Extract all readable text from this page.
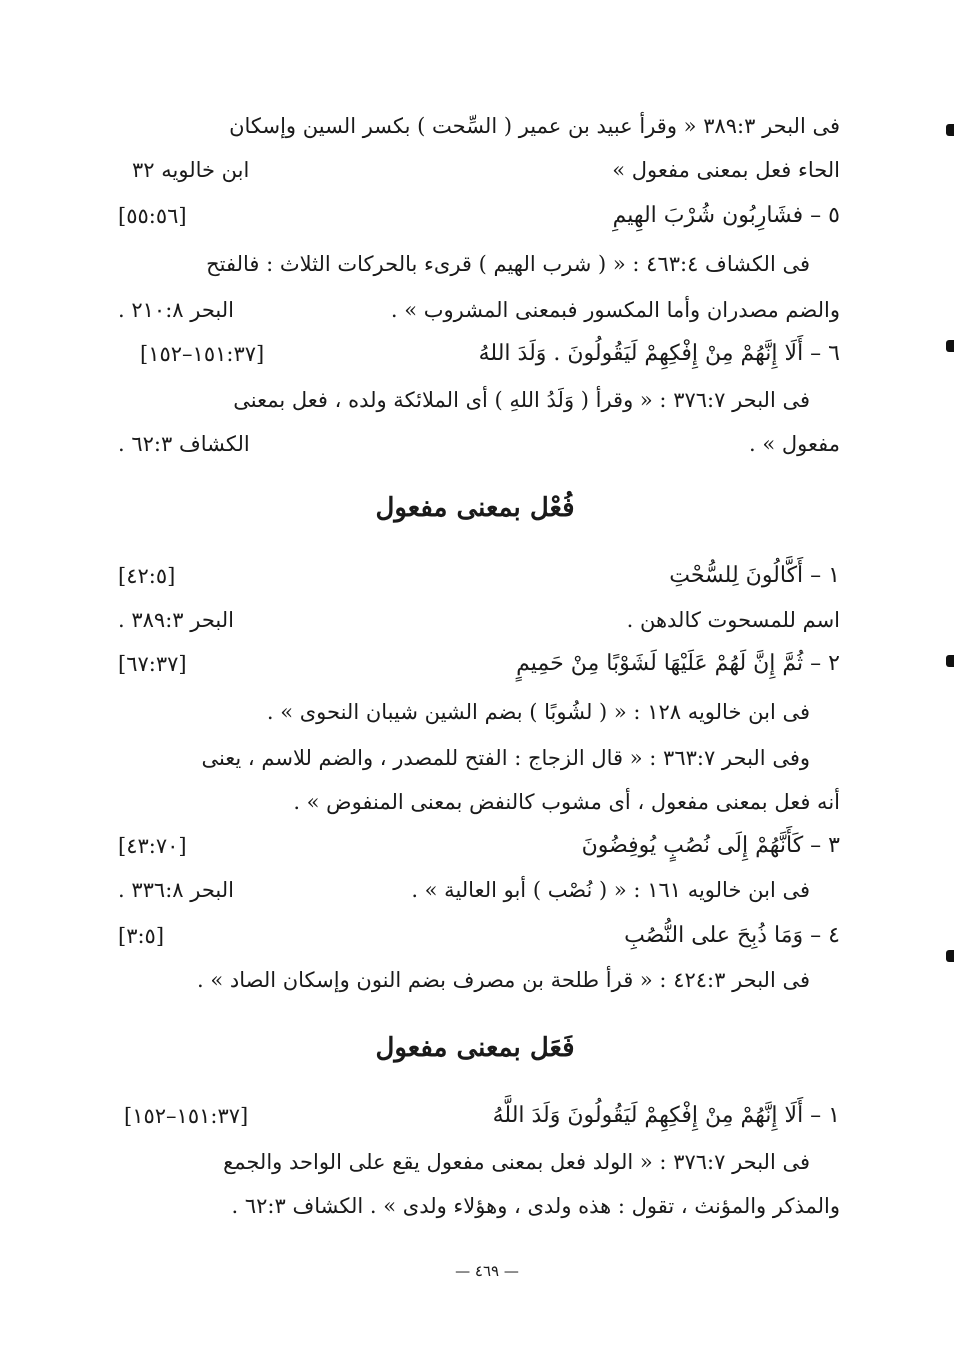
فى البحر ٣٨٩:٣ « وقرأ عبيد بن عمير ( السِّحت ) بكسر السين وإسكان
الحاء فعل بمعنى مفعول »
ابن خالويه ٣٢
٥ – فشَارِبُون شُرْبَ الهِيمِ
[٥٥:٥٦]
فى الكشاف ٤٦٣:٤ : « ( شرب الهيم ) قرىء بالحركات الثلاث : فالفتح
والضم مصدران وأما المكسور فبمعنى المشروب » .
البحر ٢١٠:٨ .
٦ – أَلَا إِنَّهُمْ مِنْ إِفْكِهِمْ لَيَقُولُونَ . وَلَدَ اللهُ
[١٥١:٣٧–١٥٢]
فى البحر ٣٧٦:٧ : « وقرأ ( وَلَدُ اللهِ ) أى الملائكة ولده ، فعل بمعنى
مفعول » .
الكشاف ٦٢:٣ .
فُعْل بمعنى مفعول
١ – أَكَّالُونَ لِلسُّحْتِ
[٤٢:٥]
اسم للمسحوت كالدهن .
البحر ٣٨٩:٣ .
٢ – ثُمَّ إِنَّ لَهُمْ عَلَيْهَا لَشَوْبًا مِنْ حَمِيمٍ
[٦٧:٣٧]
فى ابن خالويه ١٢٨ : « ( لشُوبًا ) بضم الشين شيبان النحوى » .
وفى البحر ٣٦٣:٧ : « قال الزجاج : الفتح للمصدر ، والضم للاسم ، يعنى
أنه فعل بمعنى مفعول ، أى مشوب كالنفض بمعنى المنفوض » .
٣ – كَأَنَّهُمْ إِلَى نُصُبٍ يُوفِضُونَ
[٤٣:٧٠]
فى ابن خالويه ١٦١ : « ( نُصْب ) أبو العالية » .
البحر ٣٣٦:٨ .
٤ – وَمَا ذُبِحَ على النُّصُبِ
[٣:٥]
فى البحر ٤٢٤:٣ : « قرأ طلحة بن مصرف بضم النون وإسكان الصاد » .
فَعَل بمعنى مفعول
١ – أَلَا إِنَّهُمْ مِنْ إِفْكِهِمْ لَيَقُولُونَ وَلَدَ اللَّهُ
[١٥١:٣٧–١٥٢]
فى البحر ٣٧٦:٧ : « الولد فعل بمعنى مفعول يقع على الواحد والجمع
والمذكر والمؤنث ، تقول : هذه ولدى ، وهؤلاء ولدى » . الكشاف ٦٢:٣ .
— ٤٦٩ —
